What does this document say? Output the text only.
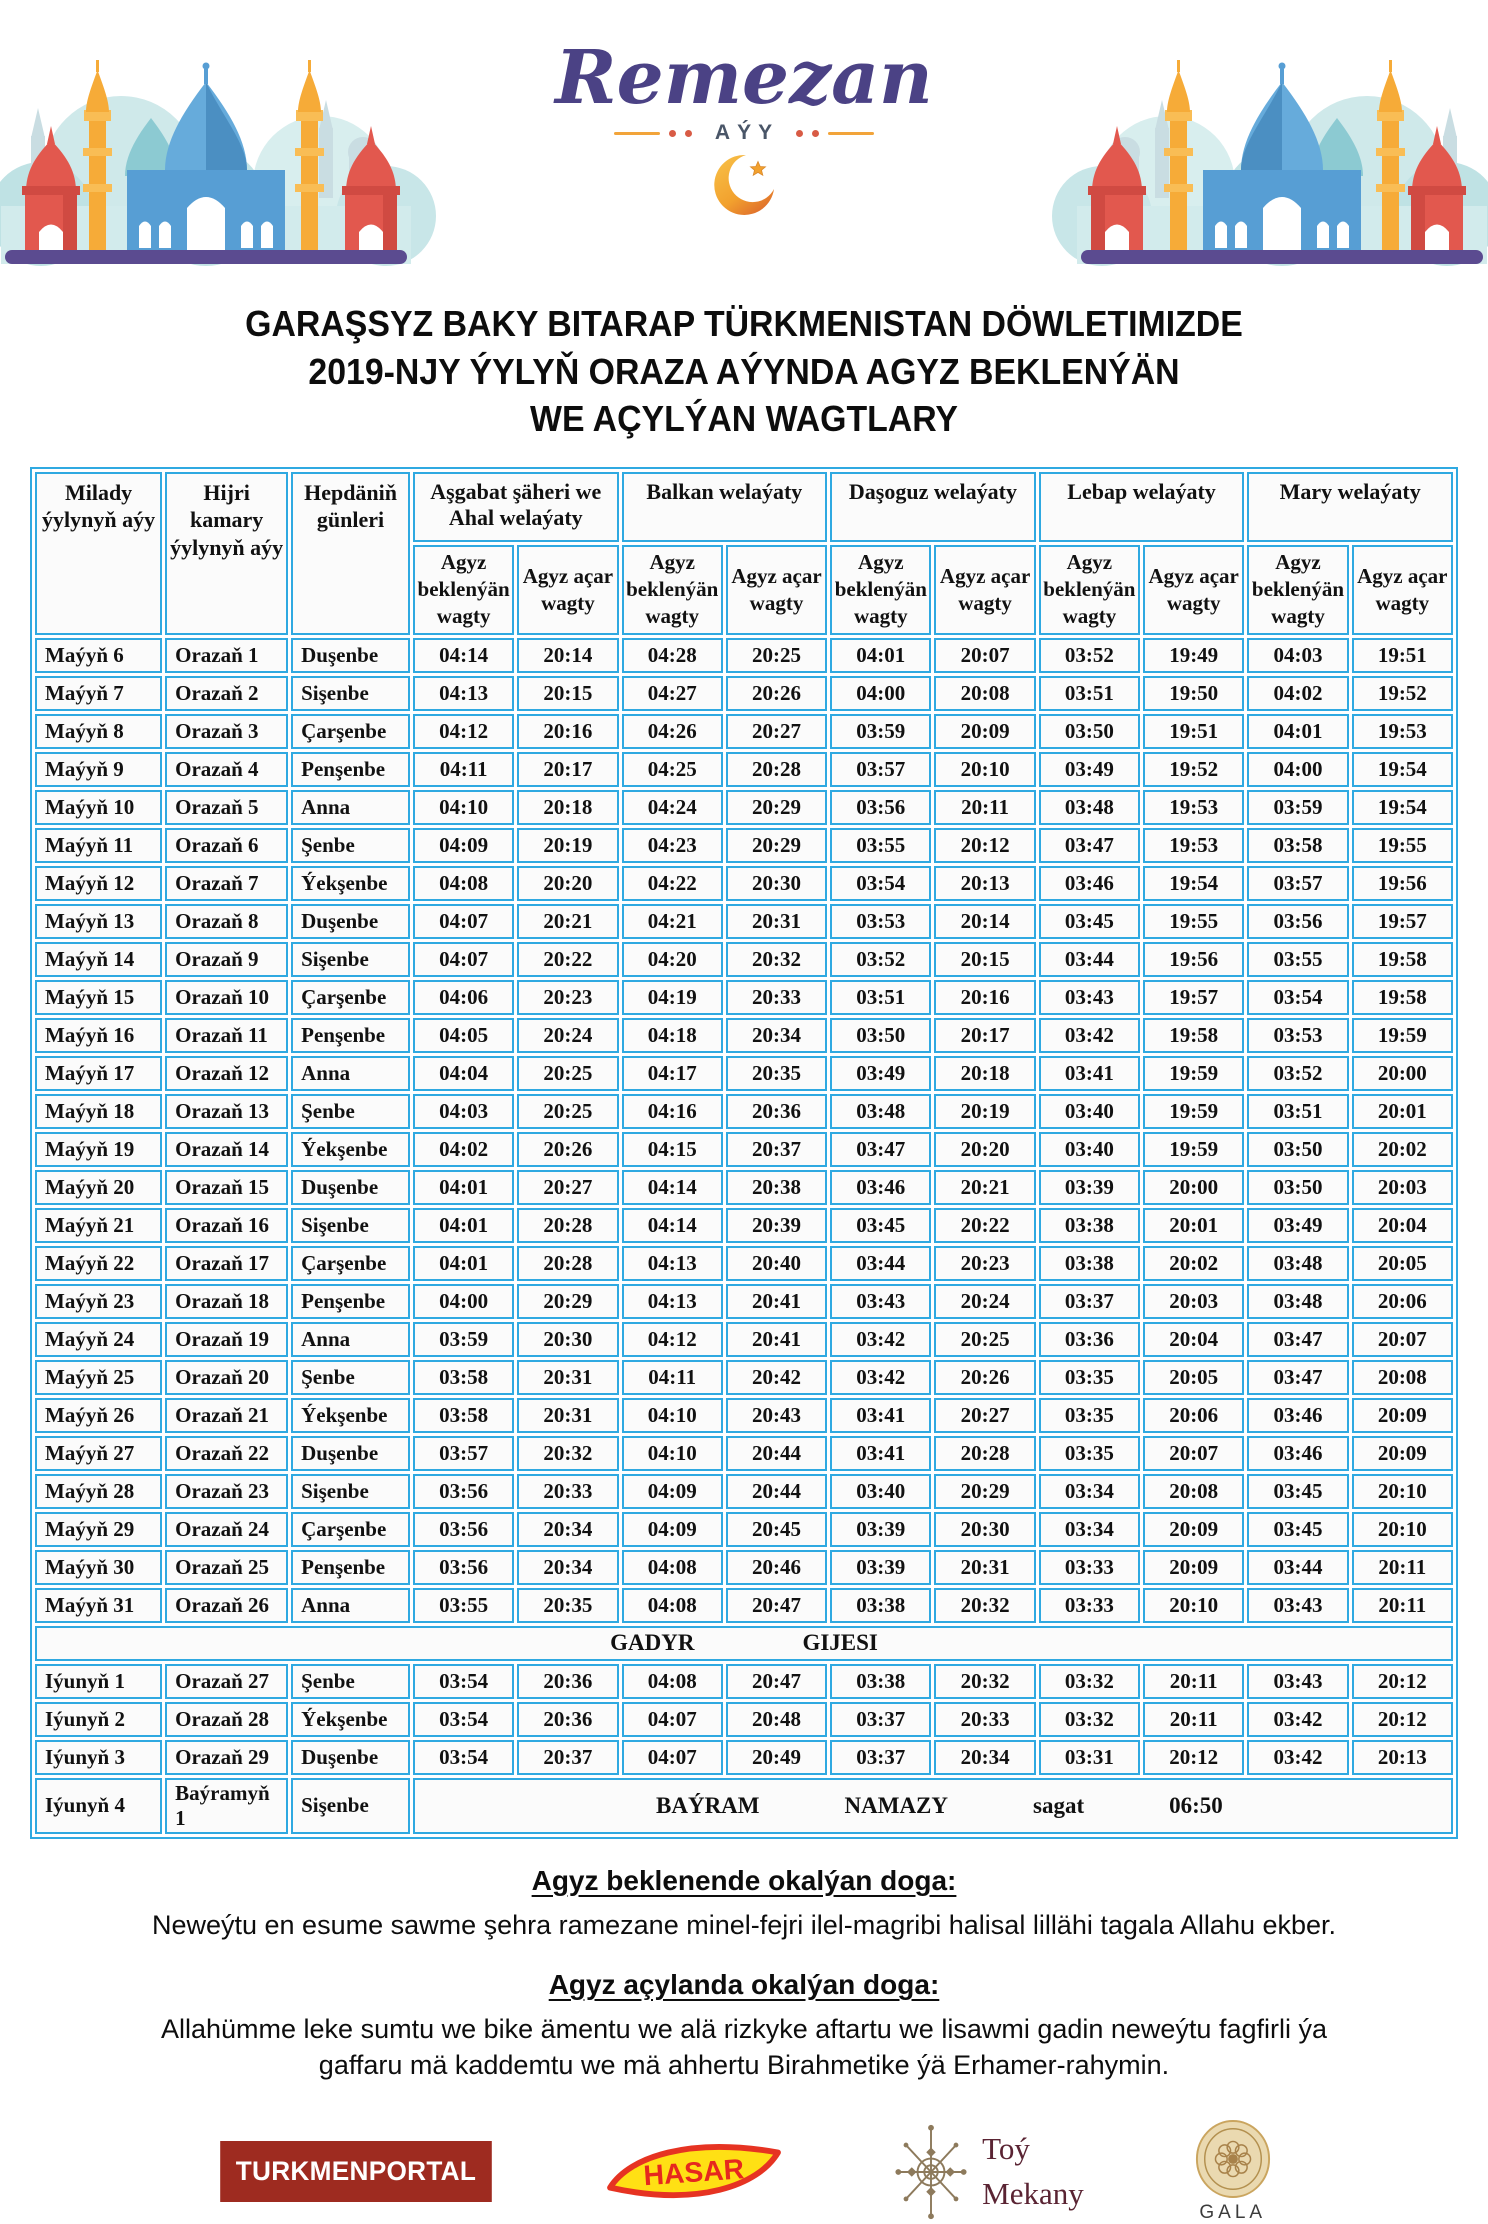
Remezan
AÝY
GARAŞSYZ BAKY BITARAP TÜRKMENISTAN DÖWLETIMIZDE
2019-NJY ÝYLYŇ ORAZA AÝYNDA AGYZ BEKLENÝÄN
WE AÇYLÝAN WAGTLARY
Milady ýylynyň aýy	Hijri kamary ýylynyň aýy	Hepdäniň günleri	Aşgabat şäheri we Ahal welaýaty		Balkan welaýaty		Daşoguz welaýaty		Lebap welaýaty		Mary welaýaty	
			Agyz beklenýän wagty	Agyz açar wagty	Agyz beklenýän wagty	Agyz açar wagty	Agyz beklenýän wagty	Agyz açar wagty	Agyz beklenýän wagty	Agyz açar wagty	Agyz beklenýän wagty	Agyz açar wagty
Maýyň 6	Orazaň 1	Duşenbe	04:14	20:14	04:28	20:25	04:01	20:07	03:52	19:49	04:03	19:51
Maýyň 7	Orazaň 2	Sişenbe	04:13	20:15	04:27	20:26	04:00	20:08	03:51	19:50	04:02	19:52
Maýyň 8	Orazaň 3	Çarşenbe	04:12	20:16	04:26	20:27	03:59	20:09	03:50	19:51	04:01	19:53
Maýyň 9	Orazaň 4	Penşenbe	04:11	20:17	04:25	20:28	03:57	20:10	03:49	19:52	04:00	19:54
Maýyň 10	Orazaň 5	Anna	04:10	20:18	04:24	20:29	03:56	20:11	03:48	19:53	03:59	19:54
Maýyň 11	Orazaň 6	Şenbe	04:09	20:19	04:23	20:29	03:55	20:12	03:47	19:53	03:58	19:55
Maýyň 12	Orazaň 7	Ýekşenbe	04:08	20:20	04:22	20:30	03:54	20:13	03:46	19:54	03:57	19:56
Maýyň 13	Orazaň 8	Duşenbe	04:07	20:21	04:21	20:31	03:53	20:14	03:45	19:55	03:56	19:57
Maýyň 14	Orazaň 9	Sişenbe	04:07	20:22	04:20	20:32	03:52	20:15	03:44	19:56	03:55	19:58
Maýyň 15	Orazaň 10	Çarşenbe	04:06	20:23	04:19	20:33	03:51	20:16	03:43	19:57	03:54	19:58
Maýyň 16	Orazaň 11	Penşenbe	04:05	20:24	04:18	20:34	03:50	20:17	03:42	19:58	03:53	19:59
Maýyň 17	Orazaň 12	Anna	04:04	20:25	04:17	20:35	03:49	20:18	03:41	19:59	03:52	20:00
Maýyň 18	Orazaň 13	Şenbe	04:03	20:25	04:16	20:36	03:48	20:19	03:40	19:59	03:51	20:01
Maýyň 19	Orazaň 14	Ýekşenbe	04:02	20:26	04:15	20:37	03:47	20:20	03:40	19:59	03:50	20:02
Maýyň 20	Orazaň 15	Duşenbe	04:01	20:27	04:14	20:38	03:46	20:21	03:39	20:00	03:50	20:03
Maýyň 21	Orazaň 16	Sişenbe	04:01	20:28	04:14	20:39	03:45	20:22	03:38	20:01	03:49	20:04
Maýyň 22	Orazaň 17	Çarşenbe	04:01	20:28	04:13	20:40	03:44	20:23	03:38	20:02	03:48	20:05
Maýyň 23	Orazaň 18	Penşenbe	04:00	20:29	04:13	20:41	03:43	20:24	03:37	20:03	03:48	20:06
Maýyň 24	Orazaň 19	Anna	03:59	20:30	04:12	20:41	03:42	20:25	03:36	20:04	03:47	20:07
Maýyň 25	Orazaň 20	Şenbe	03:58	20:31	04:11	20:42	03:42	20:26	03:35	20:05	03:47	20:08
Maýyň 26	Orazaň 21	Ýekşenbe	03:58	20:31	04:10	20:43	03:41	20:27	03:35	20:06	03:46	20:09
Maýyň 27	Orazaň 22	Duşenbe	03:57	20:32	04:10	20:44	03:41	20:28	03:35	20:07	03:46	20:09
Maýyň 28	Orazaň 23	Sişenbe	03:56	20:33	04:09	20:44	03:40	20:29	03:34	20:08	03:45	20:10
Maýyň 29	Orazaň 24	Çarşenbe	03:56	20:34	04:09	20:45	03:39	20:30	03:34	20:09	03:45	20:10
Maýyň 30	Orazaň 25	Penşenbe	03:56	20:34	04:08	20:46	03:39	20:31	03:33	20:09	03:44	20:11
Maýyň 31	Orazaň 26	Anna	03:55	20:35	04:08	20:47	03:38	20:32	03:33	20:10	03:43	20:11
GADYR GIJESI												
Iýunyň 1	Orazaň 27	Şenbe	03:54	20:36	04:08	20:47	03:38	20:32	03:32	20:11	03:43	20:12
Iýunyň 2	Orazaň 28	Ýekşenbe	03:54	20:36	04:07	20:48	03:37	20:33	03:32	20:11	03:42	20:12
Iýunyň 3	Orazaň 29	Duşenbe	03:54	20:37	04:07	20:49	03:37	20:34	03:31	20:12	03:42	20:13
Iýunyň 4	Baýramyň 1	Sişenbe	BAÝRAM NAMAZY sagat 06:50									
Agyz beklenende okalýan doga:

Neweýtu en esume sawme şehra ramezane minel-fejri ilel-magribi halisal lillähi tagala Allahu ekber.

Agyz açylanda okalýan doga:

Allahümme leke sumtu we bike ämentu we alä rizkyke aftartu we lisawmi gadin neweýtu fagfirli ýa gaffaru mä kaddemtu we mä ahhertu Birahmetike ýä Erhamer-rahymin.

TURKMENPORTAL	HASAR
Toý
Mekany
GALA
